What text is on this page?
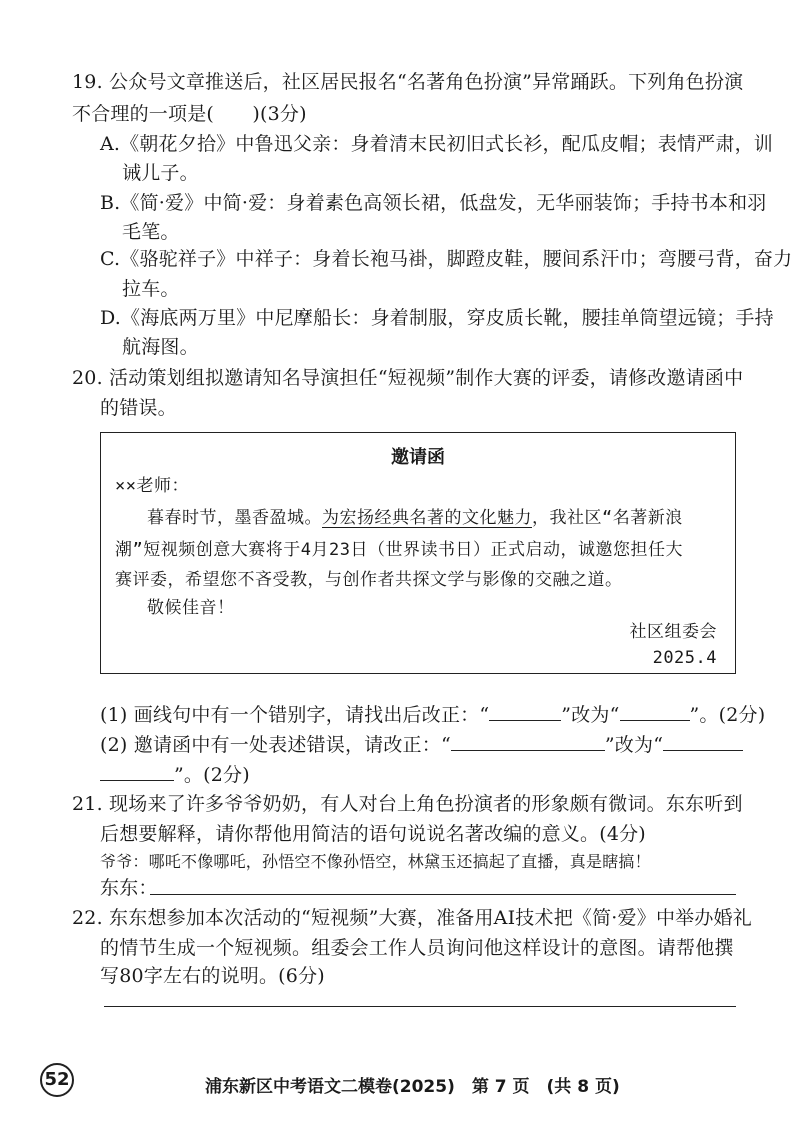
19. 公众号文章推送后，社区居民报名“名著角色扮演”异常踊跃。下列角色扮演
不合理的一项是(　　)(3分)
A.《朝花夕拾》中鲁迅父亲：身着清末民初旧式长衫，配瓜皮帽；表情严肃，训
诫儿子。
B.《简·爱》中简·爱：身着素色高领长裙，低盘发，无华丽装饰；手持书本和羽
毛笔。
C.《骆驼祥子》中祥子：身着长袍马褂，脚蹬皮鞋，腰间系汗巾；弯腰弓背，奋力
拉车。
D.《海底两万里》中尼摩船长：身着制服，穿皮质长靴，腰挂单筒望远镜；手持
航海图。
20. 活动策划组拟邀请知名导演担任“短视频”制作大赛的评委，请修改邀请函中
的错误。
邀请函
××老师：
暮春时节，墨香盈城。为宏扬经典名著的文化魅力，我社区“名著新浪
潮”短视频创意大赛将于4月23日（世界读书日）正式启动，诚邀您担任大
赛评委，希望您不吝受教，与创作者共探文学与影像的交融之道。
敬候佳音！
社区组委会
2025.4
(1) 画线句中有一个错别字，请找出后改正：“	”改为“	”。(2分)
(2) 邀请函中有一处表述错误，请改正：“	”改为“
”。(2分)
21. 现场来了许多爷爷奶奶，有人对台上角色扮演者的形象颇有微词。东东听到
后想要解释，请你帮他用简洁的语句说说名著改编的意义。(4分)
爷爷：哪吒不像哪吒，孙悟空不像孙悟空，林黛玉还搞起了直播，真是瞎搞！
东东：
22. 东东想参加本次活动的“短视频”大赛，准备用AI技术把《简·爱》中举办婚礼
的情节生成一个短视频。组委会工作人员询问他这样设计的意图。请帮他撰
写80字左右的说明。(6分)
52	浦东新区中考语文二模卷(2025)　第 7 页　(共 8 页)
